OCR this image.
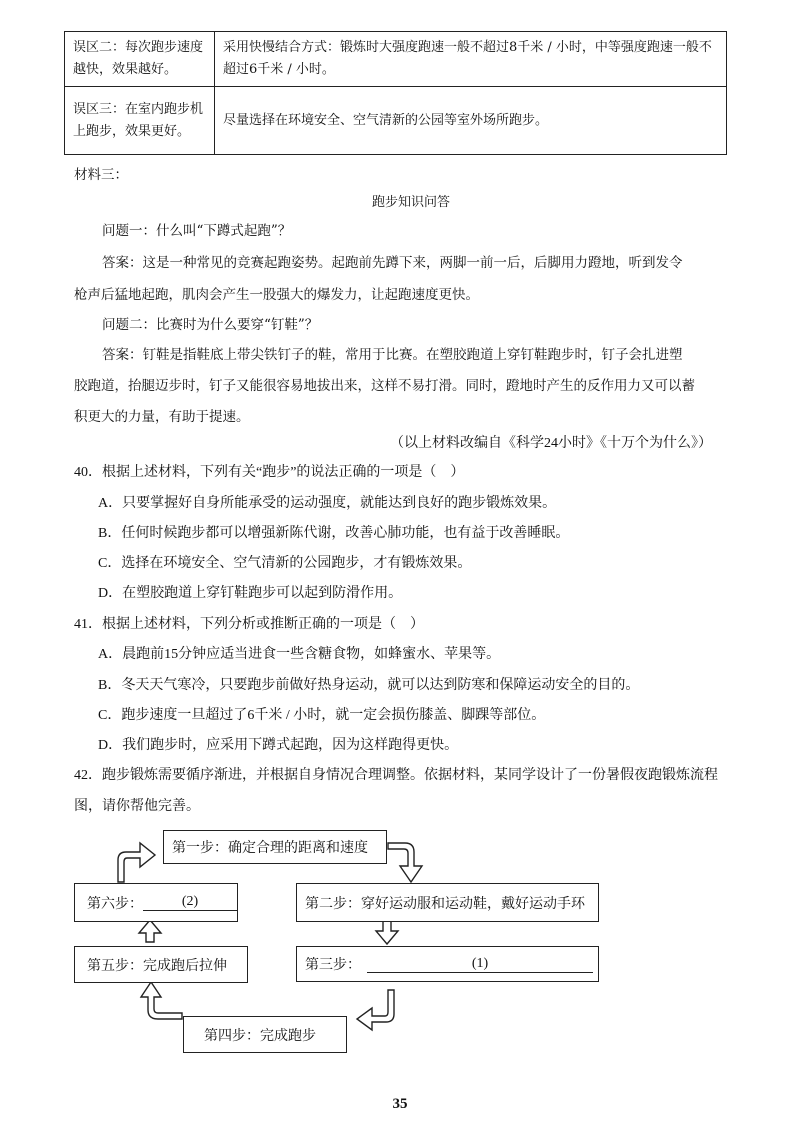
误区二：每次跑步速度越快，效果越好。	采用快慢结合方式：锻炼时大强度跑速一般不超过8千米 / 小时，中等强度跑速一般不超过6千米 / 小时。
误区三：在室内跑步机上跑步，效果更好。	尽量选择在环境安全、空气清新的公园等室外场所跑步。
材料三：
跑步知识问答
问题一：什么叫“下蹲式起跑”？
答案：这是一种常见的竞赛起跑姿势。起跑前先蹲下来，两脚一前一后，后脚用力蹬地，听到发令
枪声后猛地起跑，肌肉会产生一股强大的爆发力，让起跑速度更快。
问题二：比赛时为什么要穿“钉鞋”？
答案：钉鞋是指鞋底上带尖铁钉子的鞋，常用于比赛。在塑胶跑道上穿钉鞋跑步时，钉子会扎进塑
胶跑道，抬腿迈步时，钉子又能很容易地拔出来，这样不易打滑。同时，蹬地时产生的反作用力又可以蓄
积更大的力量，有助于提速。
（以上材料改编自《科学24小时》《十万个为什么》）
40．根据上述材料，下列有关“跑步”的说法正确的一项是（　）
A．只要掌握好自身所能承受的运动强度，就能达到良好的跑步锻炼效果。
B．任何时候跑步都可以增强新陈代谢，改善心肺功能，也有益于改善睡眠。
C．选择在环境安全、空气清新的公园跑步，才有锻炼效果。
D．在塑胶跑道上穿钉鞋跑步可以起到防滑作用。
41．根据上述材料，下列分析或推断正确的一项是（　）
A．晨跑前15分钟应适当进食一些含糖食物，如蜂蜜水、苹果等。
B．冬天天气寒冷，只要跑步前做好热身运动，就可以达到防寒和保障运动安全的目的。
C．跑步速度一旦超过了6千米 / 小时，就一定会损伤膝盖、脚踝等部位。
D．我们跑步时，应采用下蹲式起跑，因为这样跑得更快。
42．跑步锻炼需要循序渐进，并根据自身情况合理调整。依据材料，某同学设计了一份暑假夜跑锻炼流程
图，请你帮他完善。
第一步：确定合理的距离和速度
第二步：穿好运动服和运动鞋，戴好运动手环
第三步：	(1)
第四步：完成跑步
第五步：完成跑后拉伸
第六步：	(2)
35
